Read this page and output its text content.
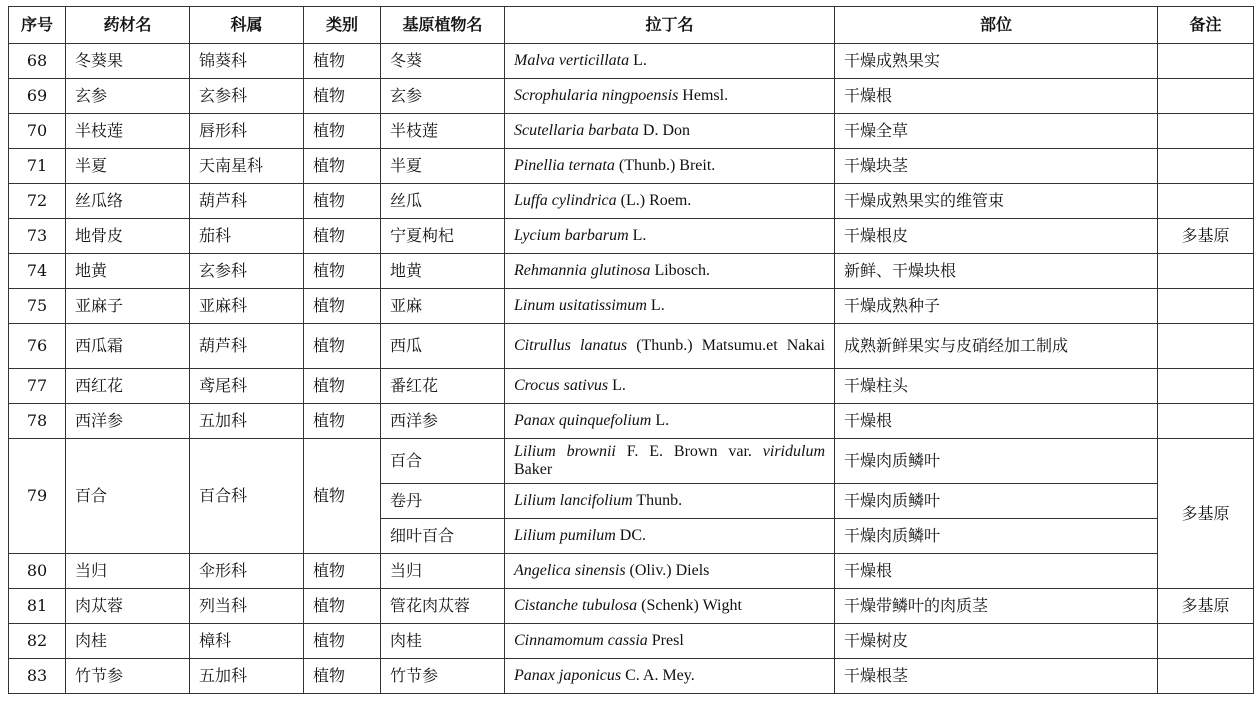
序号	药材名	科属	类别	基原植物名	拉丁名	部位	备注
68	冬葵果	锦葵科	植物	冬葵	Malva verticillata L.	干燥成熟果实	
69	玄参	玄参科	植物	玄参	Scrophularia ningpoensis Hemsl.	干燥根	
70	半枝莲	唇形科	植物	半枝莲	Scutellaria barbata D. Don	干燥全草	
71	半夏	天南星科	植物	半夏	Pinellia ternata (Thunb.) Breit.	干燥块茎	
72	丝瓜络	葫芦科	植物	丝瓜	Luffa cylindrica (L.) Roem.	干燥成熟果实的维管束	
73	地骨皮	茄科	植物	宁夏枸杞	Lycium barbarum L.	干燥根皮	多基原
74	地黄	玄参科	植物	地黄	Rehmannia glutinosa Libosch.	新鲜、干燥块根	
75	亚麻子	亚麻科	植物	亚麻	Linum usitatissimum L.	干燥成熟种子	
76	西瓜霜	葫芦科	植物	西瓜	Citrullus lanatus (Thunb.) Matsumu.et Nakai	成熟新鲜果实与皮硝经加工制成	
77	西红花	鸢尾科	植物	番红花	Crocus sativus L.	干燥柱头	
78	西洋参	五加科	植物	西洋参	Panax quinquefolium L.	干燥根	
79	百合	百合科	植物	百合	Lilium brownii F. E. Brown var. viridulum Baker	干燥肉质鳞叶	多基原
				卷丹	Lilium lancifolium Thunb.	干燥肉质鳞叶	
				细叶百合	Lilium pumilum DC.	干燥肉质鳞叶	
80	当归	伞形科	植物	当归	Angelica sinensis (Oliv.) Diels	干燥根	
81	肉苁蓉	列当科	植物	管花肉苁蓉	Cistanche tubulosa (Schenk) Wight	干燥带鳞叶的肉质茎	多基原
82	肉桂	樟科	植物	肉桂	Cinnamomum cassia Presl	干燥树皮	
83	竹节参	五加科	植物	竹节参	Panax japonicus C. A. Mey.	干燥根茎	
